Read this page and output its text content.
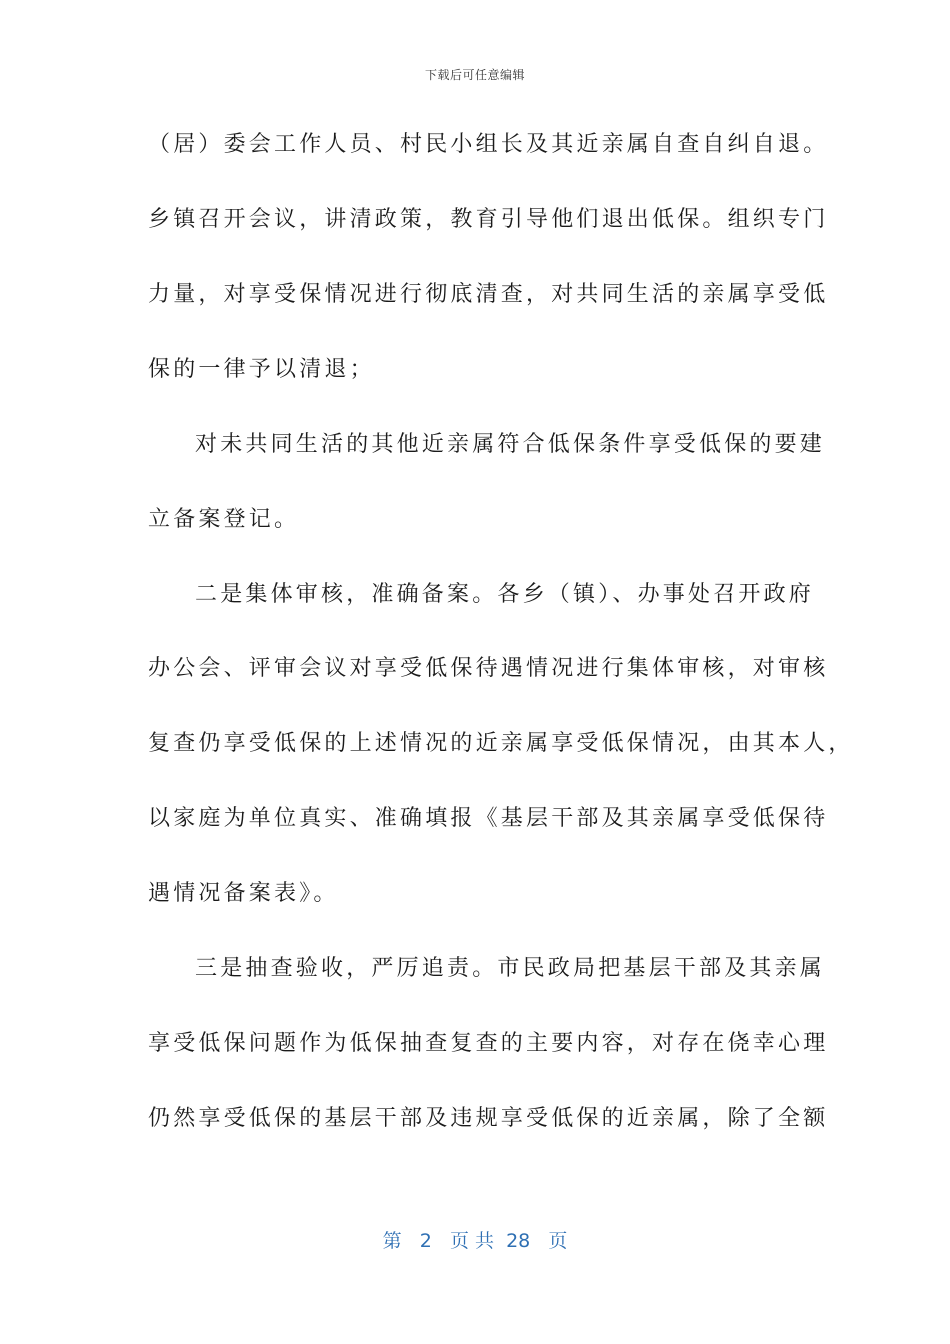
下载后可任意编辑
（居）委会工作人员、村民小组长及其近亲属自查自纠自退。
乡镇召开会议，讲清政策，教育引导他们退出低保。组织专门
力量，对享受保情况进行彻底清查，对共同生活的亲属享受低
保的一律予以清退；
对未共同生活的其他近亲属符合低保条件享受低保的要建
立备案登记。
二是集体审核，准确备案。各乡（镇）、办事处召开政府
办公会、评审会议对享受低保待遇情况进行集体审核，对审核
复查仍享受低保的上述情况的近亲属享受低保情况，由其本人，
以家庭为单位真实、准确填报《基层干部及其亲属享受低保待
遇情况备案表》。
三是抽查验收，严厉追责。市民政局把基层干部及其亲属
享受低保问题作为低保抽查复查的主要内容，对存在侥幸心理
仍然享受低保的基层干部及违规享受低保的近亲属，除了全额
第 2 页 共 28 页
